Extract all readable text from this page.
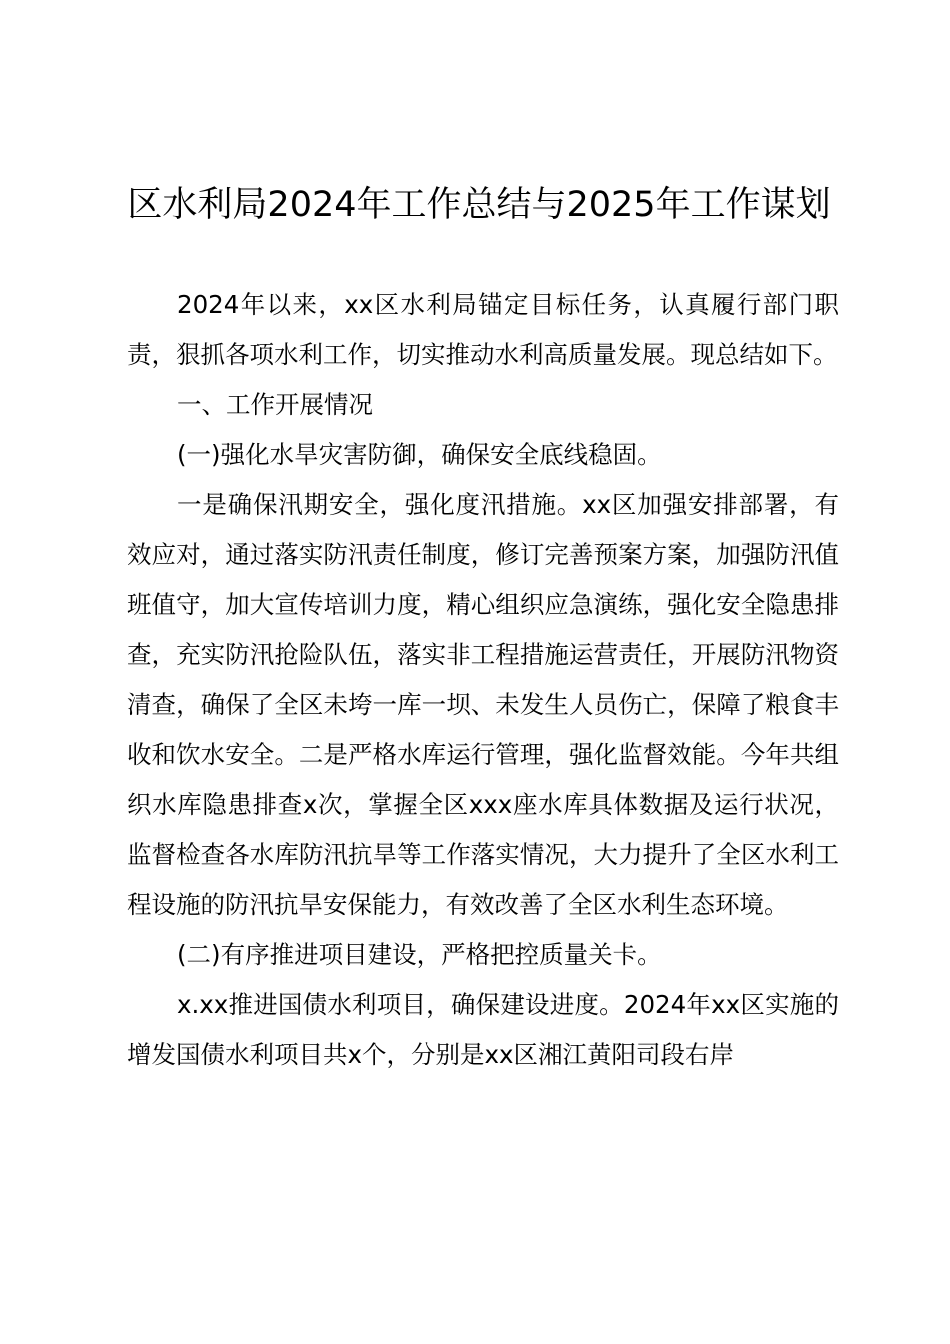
区水利局2024年工作总结与2025年工作谋划

2024年以来，xx区水利局锚定目标任务，认真履行部门职责，狠抓各项水利工作，切实推动水利高质量发展。现总结如下。

一、工作开展情况

(一)强化水旱灾害防御，确保安全底线稳固。

一是确保汛期安全，强化度汛措施。xx区加强安排部署，有效应对，通过落实防汛责任制度，修订完善预案方案，加强防汛值班值守，加大宣传培训力度，精心组织应急演练，强化安全隐患排查，充实防汛抢险队伍，落实非工程措施运营责任，开展防汛物资清查，确保了全区未垮一库一坝、未发生人员伤亡，保障了粮食丰收和饮水安全。二是严格水库运行管理，强化监督效能。今年共组织水库隐患排查x次，掌握全区xxx座水库具体数据及运行状况，监督检查各水库防汛抗旱等工作落实情况，大力提升了全区水利工程设施的防汛抗旱安保能力，有效改善了全区水利生态环境。

(二)有序推进项目建设，严格把控质量关卡。

x.xx推进国债水利项目，确保建设进度。2024年xx区实施的增发国债水利项目共x个，分别是xx区湘江黄阳司段右岸
